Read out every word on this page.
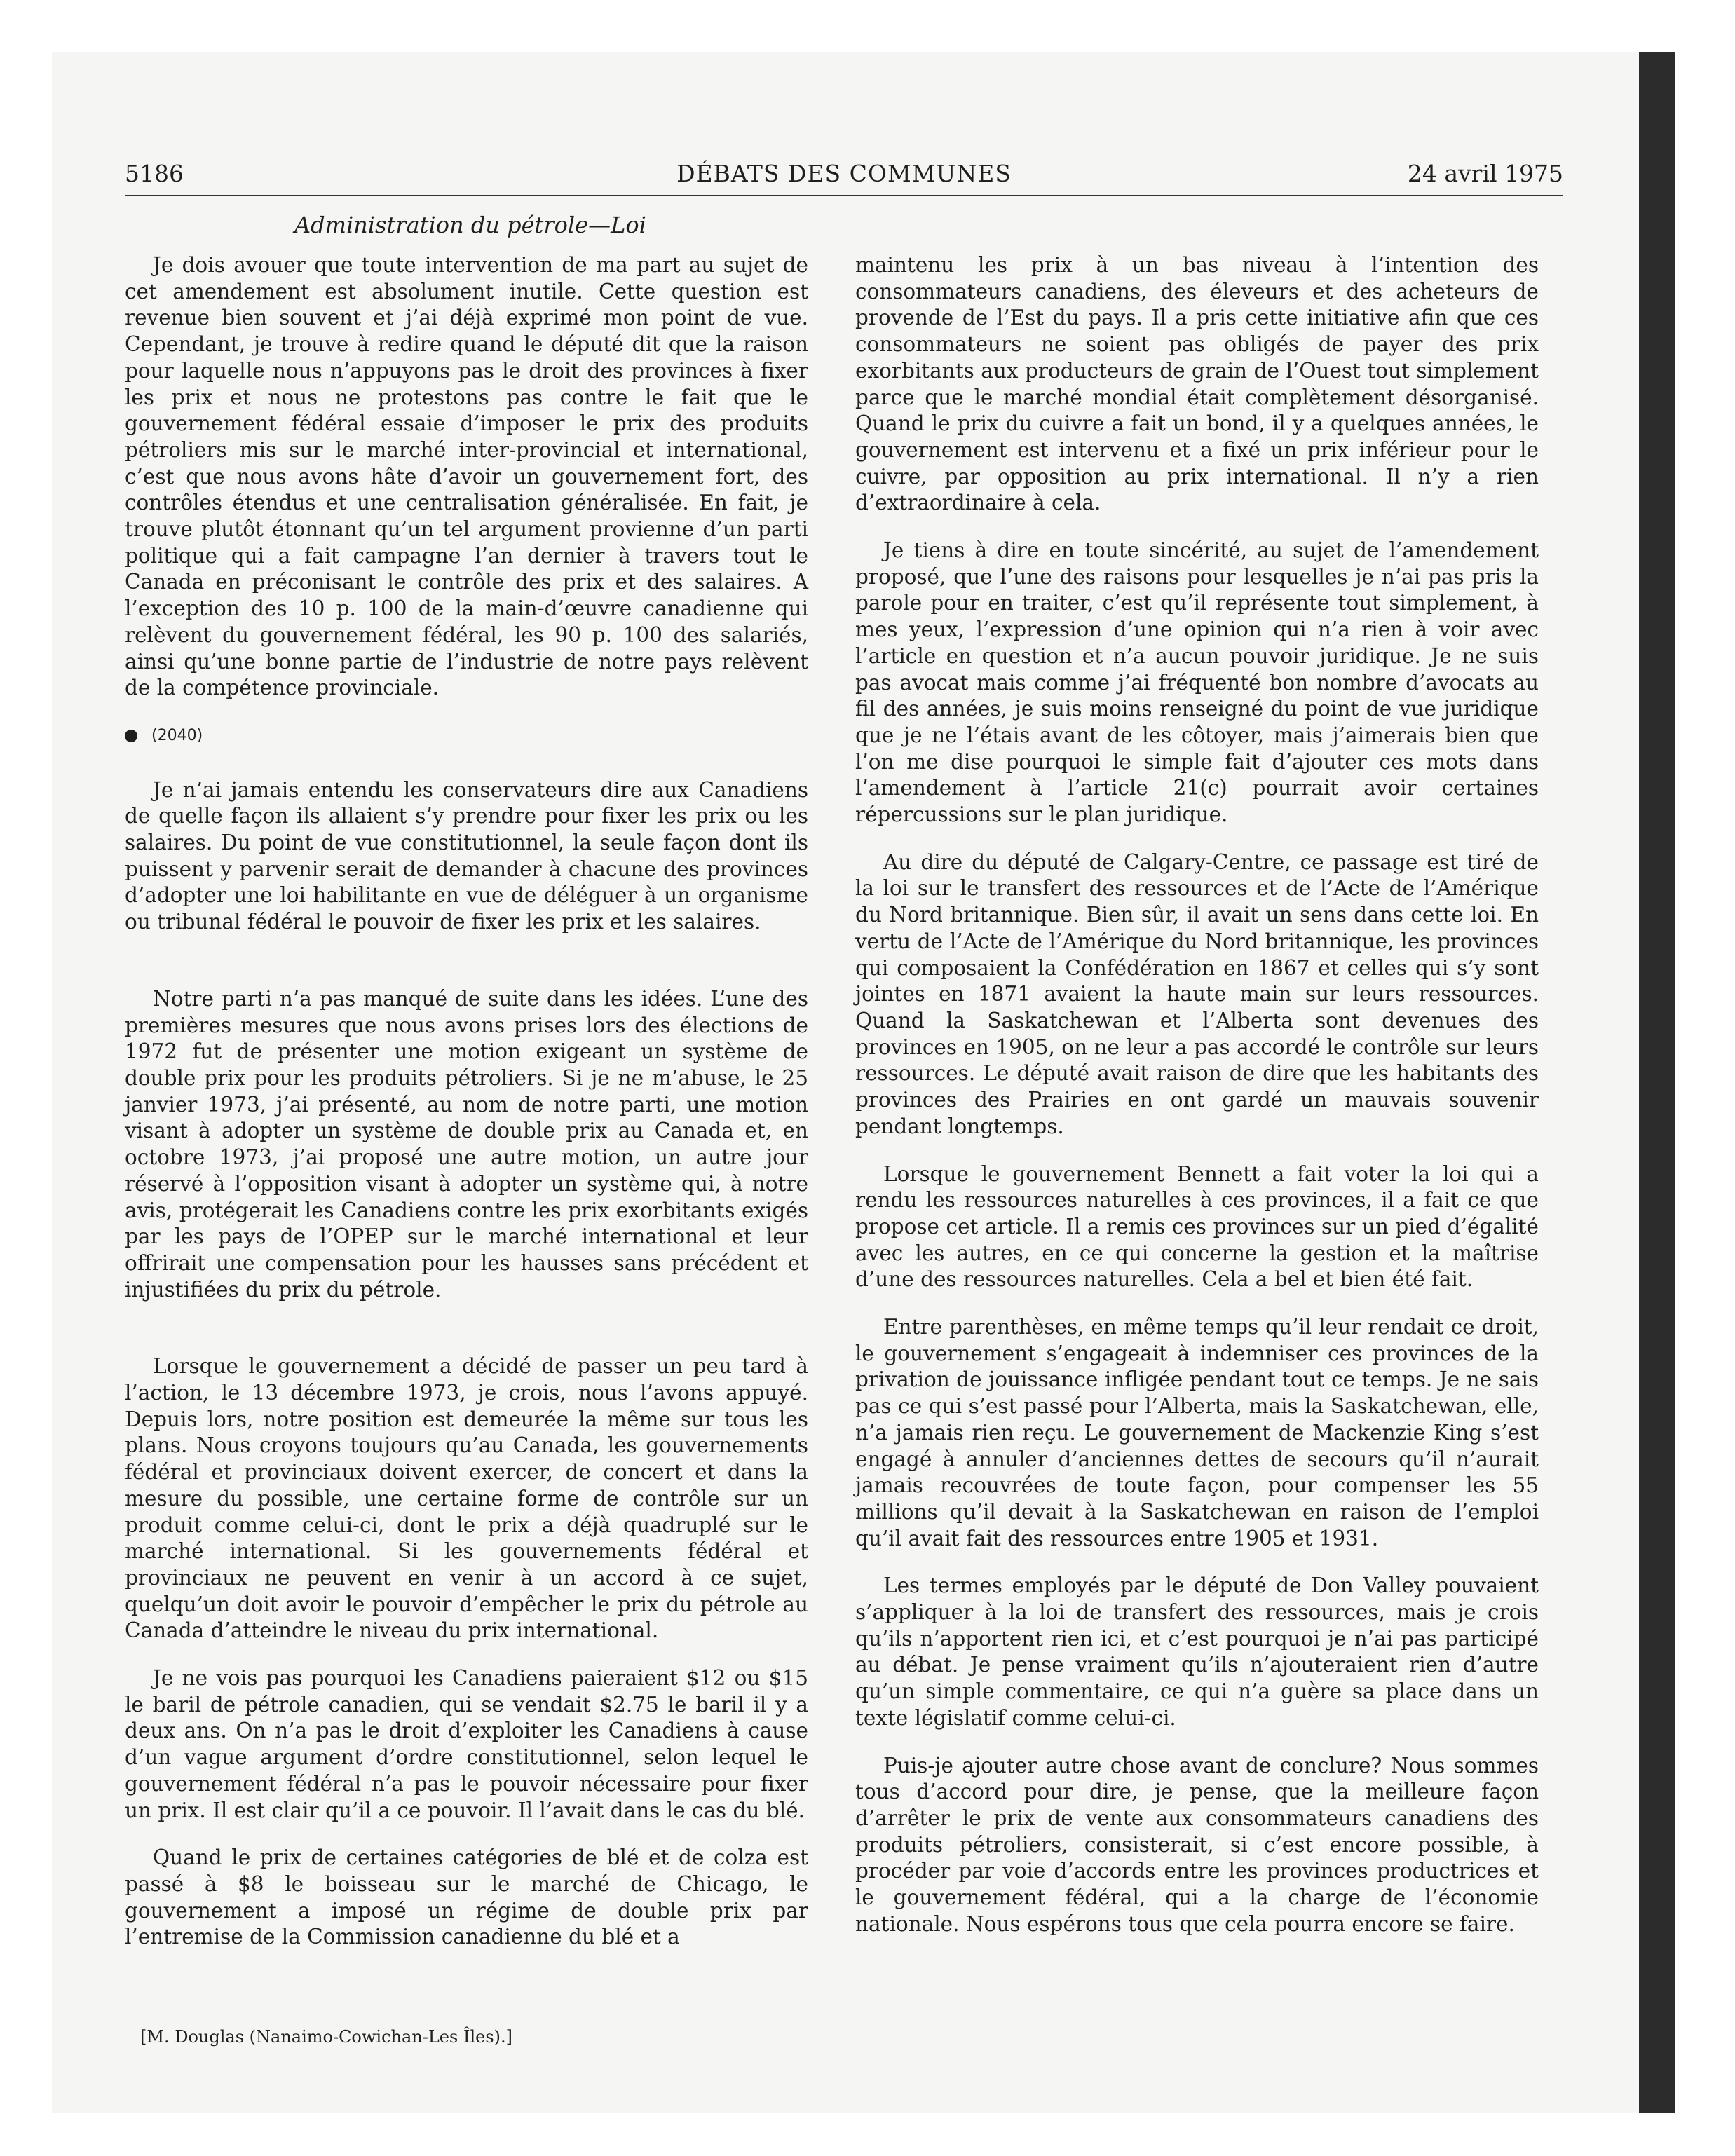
DÉBATS DES COMMUNES
5186	24 avril 1975
Administration du pétrole—Loi

Je dois avouer que toute intervention de ma part au sujet de cet amendement est absolument inutile. Cette question est revenue bien souvent et j’ai déjà exprimé mon point de vue. Cependant, je trouve à redire quand le député dit que la raison pour laquelle nous n’appuyons pas le droit des provinces à fixer les prix et nous ne protestons pas contre le fait que le gouvernement fédéral essaie d’imposer le prix des produits pétroliers mis sur le marché inter-provincial et international, c’est que nous avons hâte d’avoir un gouvernement fort, des contrôles étendus et une centralisation généralisée. En fait, je trouve plutôt étonnant qu’un tel argument provienne d’un parti politique qui a fait campagne l’an dernier à travers tout le Canada en préconisant le contrôle des prix et des salaires. A l’exception des 10 p. 100 de la main-d’œuvre canadienne qui relèvent du gouvernement fédéral, les 90 p. 100 des salariés, ainsi qu’une bonne partie de l’industrie de notre pays relèvent de la compétence provinciale.

(2040)

Je n’ai jamais entendu les conservateurs dire aux Canadiens de quelle façon ils allaient s’y prendre pour fixer les prix ou les salaires. Du point de vue constitutionnel, la seule façon dont ils puissent y parvenir serait de demander à chacune des provinces d’adopter une loi habilitante en vue de déléguer à un organisme ou tribunal fédéral le pouvoir de fixer les prix et les salaires.

Notre parti n’a pas manqué de suite dans les idées. L’une des premières mesures que nous avons prises lors des élections de 1972 fut de présenter une motion exigeant un système de double prix pour les produits pétroliers. Si je ne m’abuse, le 25 janvier 1973, j’ai présenté, au nom de notre parti, une motion visant à adopter un système de double prix au Canada et, en octobre 1973, j’ai proposé une autre motion, un autre jour réservé à l’opposition visant à adopter un système qui, à notre avis, protégerait les Canadiens contre les prix exorbitants exigés par les pays de l’OPEP sur le marché international et leur offrirait une compensation pour les hausses sans précédent et injustifiées du prix du pétrole.

Lorsque le gouvernement a décidé de passer un peu tard à l’action, le 13 décembre 1973, je crois, nous l’avons appuyé. Depuis lors, notre position est demeurée la même sur tous les plans. Nous croyons toujours qu’au Canada, les gouvernements fédéral et provinciaux doivent exercer, de concert et dans la mesure du possible, une certaine forme de contrôle sur un produit comme celui-ci, dont le prix a déjà quadruplé sur le marché international. Si les gouvernements fédéral et provinciaux ne peuvent en venir à un accord à ce sujet, quelqu’un doit avoir le pouvoir d’empêcher le prix du pétrole au Canada d’atteindre le niveau du prix international.

Je ne vois pas pourquoi les Canadiens paieraient $12 ou $15 le baril de pétrole canadien, qui se vendait $2.75 le baril il y a deux ans. On n’a pas le droit d’exploiter les Canadiens à cause d’un vague argument d’ordre constitutionnel, selon lequel le gouvernement fédéral n’a pas le pouvoir nécessaire pour fixer un prix. Il est clair qu’il a ce pouvoir. Il l’avait dans le cas du blé.

Quand le prix de certaines catégories de blé et de colza est passé à $8 le boisseau sur le marché de Chicago, le gouvernement a imposé un régime de double prix par l’entremise de la Commission canadienne du blé et a

maintenu les prix à un bas niveau à l’intention des consommateurs canadiens, des éleveurs et des acheteurs de provende de l’Est du pays. Il a pris cette initiative afin que ces consommateurs ne soient pas obligés de payer des prix exorbitants aux producteurs de grain de l’Ouest tout simplement parce que le marché mondial était complètement désorganisé. Quand le prix du cuivre a fait un bond, il y a quelques années, le gouvernement est intervenu et a fixé un prix inférieur pour le cuivre, par opposition au prix international. Il n’y a rien d’extraordinaire à cela.

Je tiens à dire en toute sincérité, au sujet de l’amendement proposé, que l’une des raisons pour lesquelles je n’ai pas pris la parole pour en traiter, c’est qu’il représente tout simplement, à mes yeux, l’expression d’une opinion qui n’a rien à voir avec l’article en question et n’a aucun pouvoir juridique. Je ne suis pas avocat mais comme j’ai fréquenté bon nombre d’avocats au fil des années, je suis moins renseigné du point de vue juridique que je ne l’étais avant de les côtoyer, mais j’aimerais bien que l’on me dise pourquoi le simple fait d’ajouter ces mots dans l’amendement à l’article 21(c) pourrait avoir certaines répercussions sur le plan juridique.

Au dire du député de Calgary-Centre, ce passage est tiré de la loi sur le transfert des ressources et de l’Acte de l’Amérique du Nord britannique. Bien sûr, il avait un sens dans cette loi. En vertu de l’Acte de l’Amérique du Nord britannique, les provinces qui composaient la Confédération en 1867 et celles qui s’y sont jointes en 1871 avaient la haute main sur leurs ressources. Quand la Saskatchewan et l’Alberta sont devenues des provinces en 1905, on ne leur a pas accordé le contrôle sur leurs ressources. Le député avait raison de dire que les habitants des provinces des Prairies en ont gardé un mauvais souvenir pendant longtemps.

Lorsque le gouvernement Bennett a fait voter la loi qui a rendu les ressources naturelles à ces provinces, il a fait ce que propose cet article. Il a remis ces provinces sur un pied d’égalité avec les autres, en ce qui concerne la gestion et la maîtrise d’une des ressources naturelles. Cela a bel et bien été fait.

Entre parenthèses, en même temps qu’il leur rendait ce droit, le gouvernement s’engageait à indemniser ces provinces de la privation de jouissance infligée pendant tout ce temps. Je ne sais pas ce qui s’est passé pour l’Alberta, mais la Saskatchewan, elle, n’a jamais rien reçu. Le gouvernement de Mackenzie King s’est engagé à annuler d’anciennes dettes de secours qu’il n’aurait jamais recouvrées de toute façon, pour compenser les 55 millions qu’il devait à la Saskatchewan en raison de l’emploi qu’il avait fait des ressources entre 1905 et 1931.

Les termes employés par le député de Don Valley pouvaient s’appliquer à la loi de transfert des ressources, mais je crois qu’ils n’apportent rien ici, et c’est pourquoi je n’ai pas participé au débat. Je pense vraiment qu’ils n’ajouteraient rien d’autre qu’un simple commentaire, ce qui n’a guère sa place dans un texte législatif comme celui-ci.

Puis-je ajouter autre chose avant de conclure? Nous sommes tous d’accord pour dire, je pense, que la meilleure façon d’arrêter le prix de vente aux consommateurs canadiens des produits pétroliers, consisterait, si c’est encore possible, à procéder par voie d’accords entre les provinces productrices et le gouvernement fédéral, qui a la charge de l’économie nationale. Nous espérons tous que cela pourra encore se faire.

[M. Douglas (Nanaimo-Cowichan-Les Îles).]
